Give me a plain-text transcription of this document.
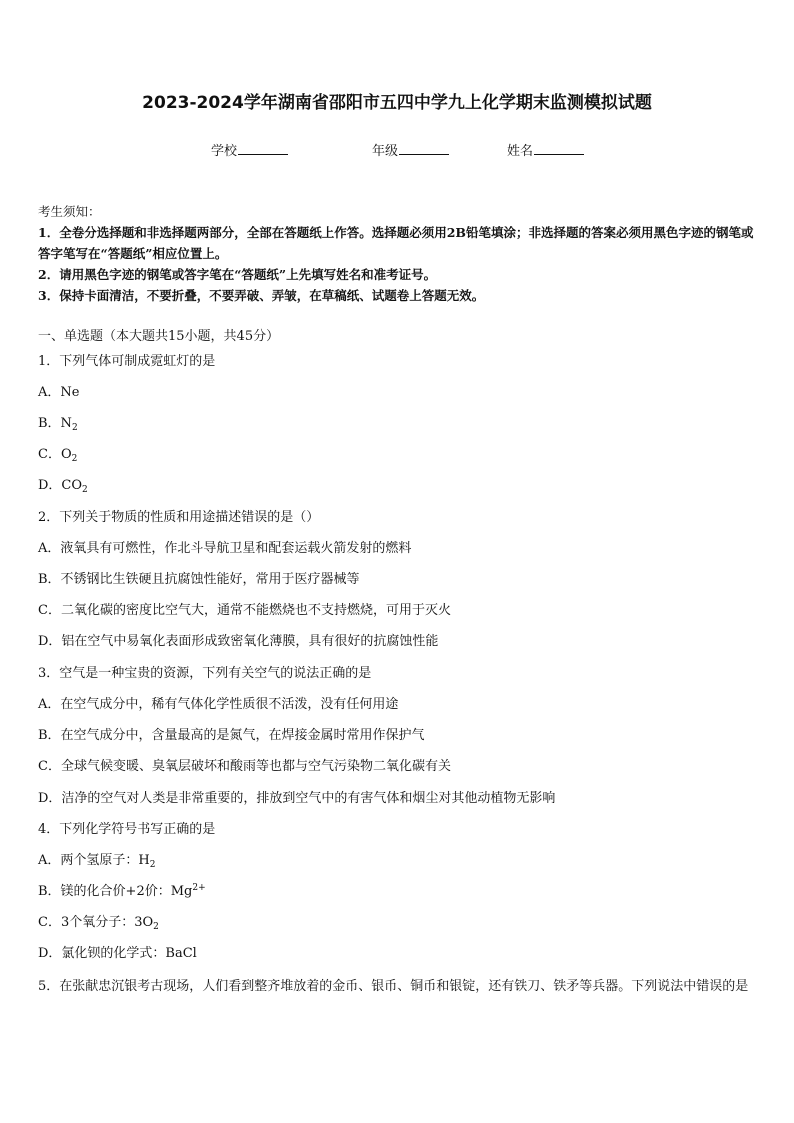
2023-2024学年湖南省邵阳市五四中学九上化学期末监测模拟试题
学校	年级	姓名
考生须知：
1．全卷分选择题和非选择题两部分，全部在答题纸上作答。选择题必须用2B铅笔填涂；非选择题的答案必须用黑色字迹的钢笔或答字笔写在“答题纸”相应位置上。
2．请用黑色字迹的钢笔或答字笔在“答题纸”上先填写姓名和准考证号。
3．保持卡面清洁，不要折叠，不要弄破、弄皱，在草稿纸、试题卷上答题无效。
一、单选题（本大题共15小题，共45分）
1．下列气体可制成霓虹灯的是
A．Ne
B．$N_2$
C．$O_2$
D．$CO_2$
2．下列关于物质的性质和用途描述错误的是（）
A．液氧具有可燃性，作北斗导航卫星和配套运载火箭发射的燃料
B．不锈钢比生铁硬且抗腐蚀性能好，常用于医疗器械等
C．二氧化碳的密度比空气大，通常不能燃烧也不支持燃烧，可用于灭火
D．铝在空气中易氧化表面形成致密氧化薄膜，具有很好的抗腐蚀性能
3．空气是一种宝贵的资源，下列有关空气的说法正确的是
A．在空气成分中，稀有气体化学性质很不活泼，没有任何用途
B．在空气成分中，含量最高的是氮气，在焊接金属时常用作保护气
C．全球气候变暖、臭氧层破坏和酸雨等也都与空气污染物二氧化碳有关
D．洁净的空气对人类是非常重要的，排放到空气中的有害气体和烟尘对其他动植物无影响
4．下列化学符号书写正确的是
A．两个氢原子：$H_2$
B．镁的化合价+2价：$Mg^{2+}$
C．3个氧分子：$3O_2$
D．氯化钡的化学式：BaCl
5．在张献忠沉银考古现场，人们看到整齐堆放着的金币、银币、铜币和银锭，还有铁刀、铁矛等兵器。下列说法中错误的是
